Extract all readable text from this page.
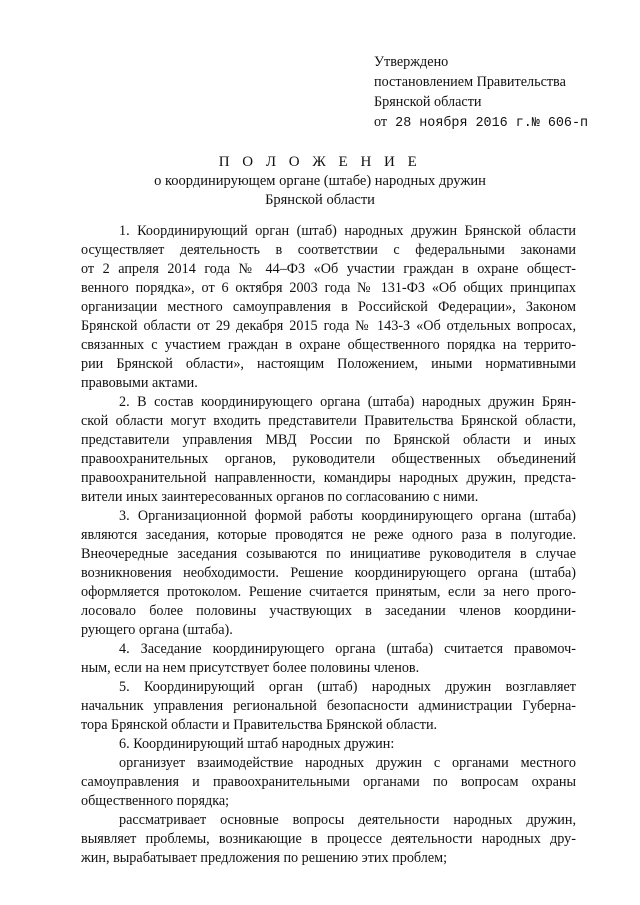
Утверждено
постановлением Правительства
Брянской области
от 28 ноября 2016 г.№ 606-п
П О Л О Ж Е Н И Е
о координирующем органе (штабе) народных дружин
Брянской области
1. Координирующий орган (штаб) народных дружин Брянской области
осуществляет деятельность в соответствии с федеральными законами
от 2 апреля 2014 года № 44–ФЗ «Об участии граждан в охране общест-
венного порядка», от 6 октября 2003 года № 131-ФЗ «Об общих принципах
организации местного самоуправления в Российской Федерации», Законом
Брянской области от 29 декабря 2015 года № 143-З «Об отдельных вопросах,
связанных с участием граждан в охране общественного порядка на террито-
рии Брянской области», настоящим Положением, иными нормативными
правовыми актами.
2. В состав координирующего органа (штаба) народных дружин Брян-
ской области могут входить представители Правительства Брянской области,
представители управления МВД России по Брянской области и иных
правоохранительных органов, руководители общественных объединений
правоохранительной направленности, командиры народных дружин, предста-
вители иных заинтересованных органов по согласованию с ними.
3. Организационной формой работы координирующего органа (штаба)
являются заседания, которые проводятся не реже одного раза в полугодие.
Внеочередные заседания созываются по инициативе руководителя в случае
возникновения необходимости. Решение координирующего органа (штаба)
оформляется протоколом. Решение считается принятым, если за него прого-
лосовало более половины участвующих в заседании членов координи-
рующего органа (штаба).
4. Заседание координирующего органа (штаба) считается правомоч-
ным, если на нем присутствует более половины членов.
5. Координирующий орган (штаб) народных дружин возглавляет
начальник управления региональной безопасности администрации Губерна-
тора Брянской области и Правительства Брянской области.
6. Координирующий штаб народных дружин:
организует взаимодействие народных дружин с органами местного
самоуправления и правоохранительными органами по вопросам охраны
общественного порядка;
рассматривает основные вопросы деятельности народных дружин,
выявляет проблемы, возникающие в процессе деятельности народных дру-
жин, вырабатывает предложения по решению этих проблем;
